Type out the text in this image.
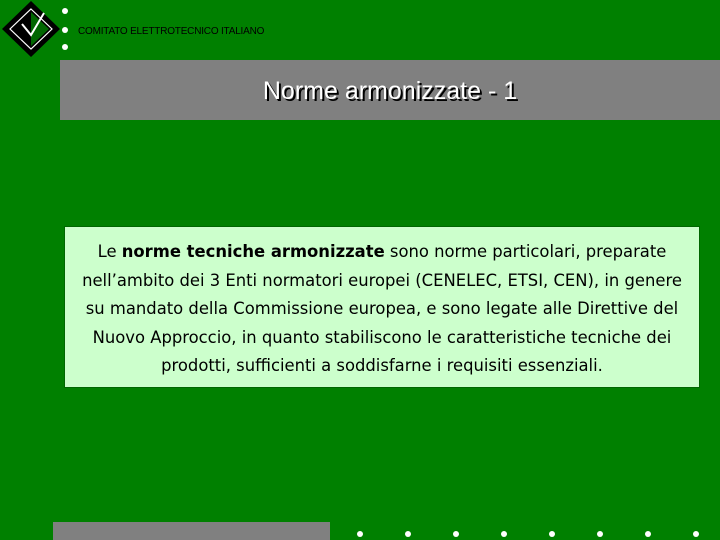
COMITATO ELETTROTECNICO ITALIANO
Norme armonizzate - 1
Le norme tecniche armonizzate sono norme particolari, preparate nell’ambito dei 3 Enti normatori europei (CENELEC, ETSI, CEN), in genere su mandato della Commissione europea, e sono legate alle Direttive del Nuovo Approccio, in quanto stabiliscono le caratteristiche tecniche dei prodotti, sufficienti a soddisfarne i requisiti essenziali.
